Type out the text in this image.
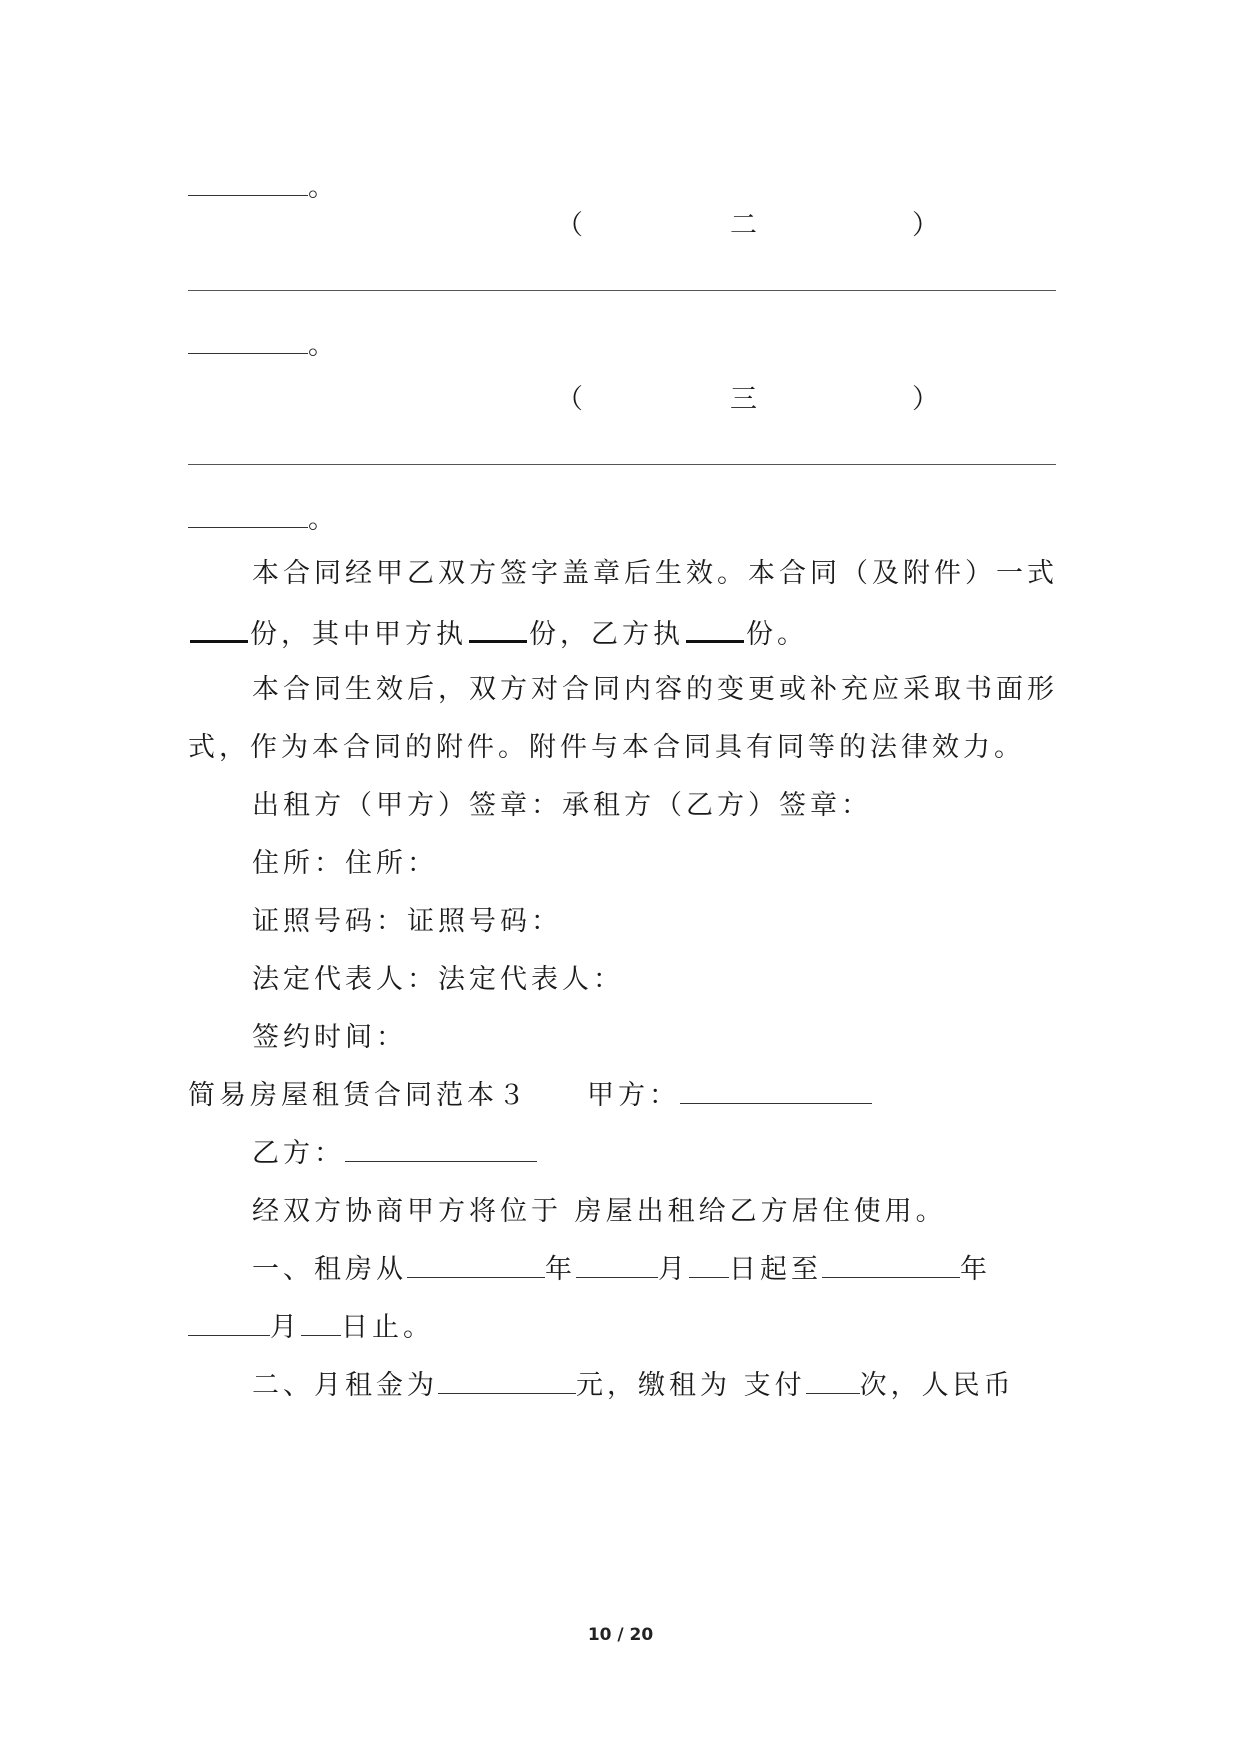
。
（	二	）
。
（	三	）
。
本合同经甲乙双方签字盖章后生效。本合同（及附件）一式
份，其中甲方执 份，乙方执 份。
本合同生效后，双方对合同内容的变更或补充应采取书面形
式，作为本合同的附件。附件与本合同具有同等的法律效力。
出租方（甲方）签章：承租方（乙方）签章：
住所：住所：
证照号码：证照号码：
法定代表人：法定代表人：
签约时间：
简易房屋租赁合同范本３ 甲方：
乙方：
经双方协商甲方将位于 房屋出租给乙方居住使用。
一、租房从	年	月 日起至	年
月 日止。
二、月租金为	元，缴租为 支付 次，人民币
10 / 20
